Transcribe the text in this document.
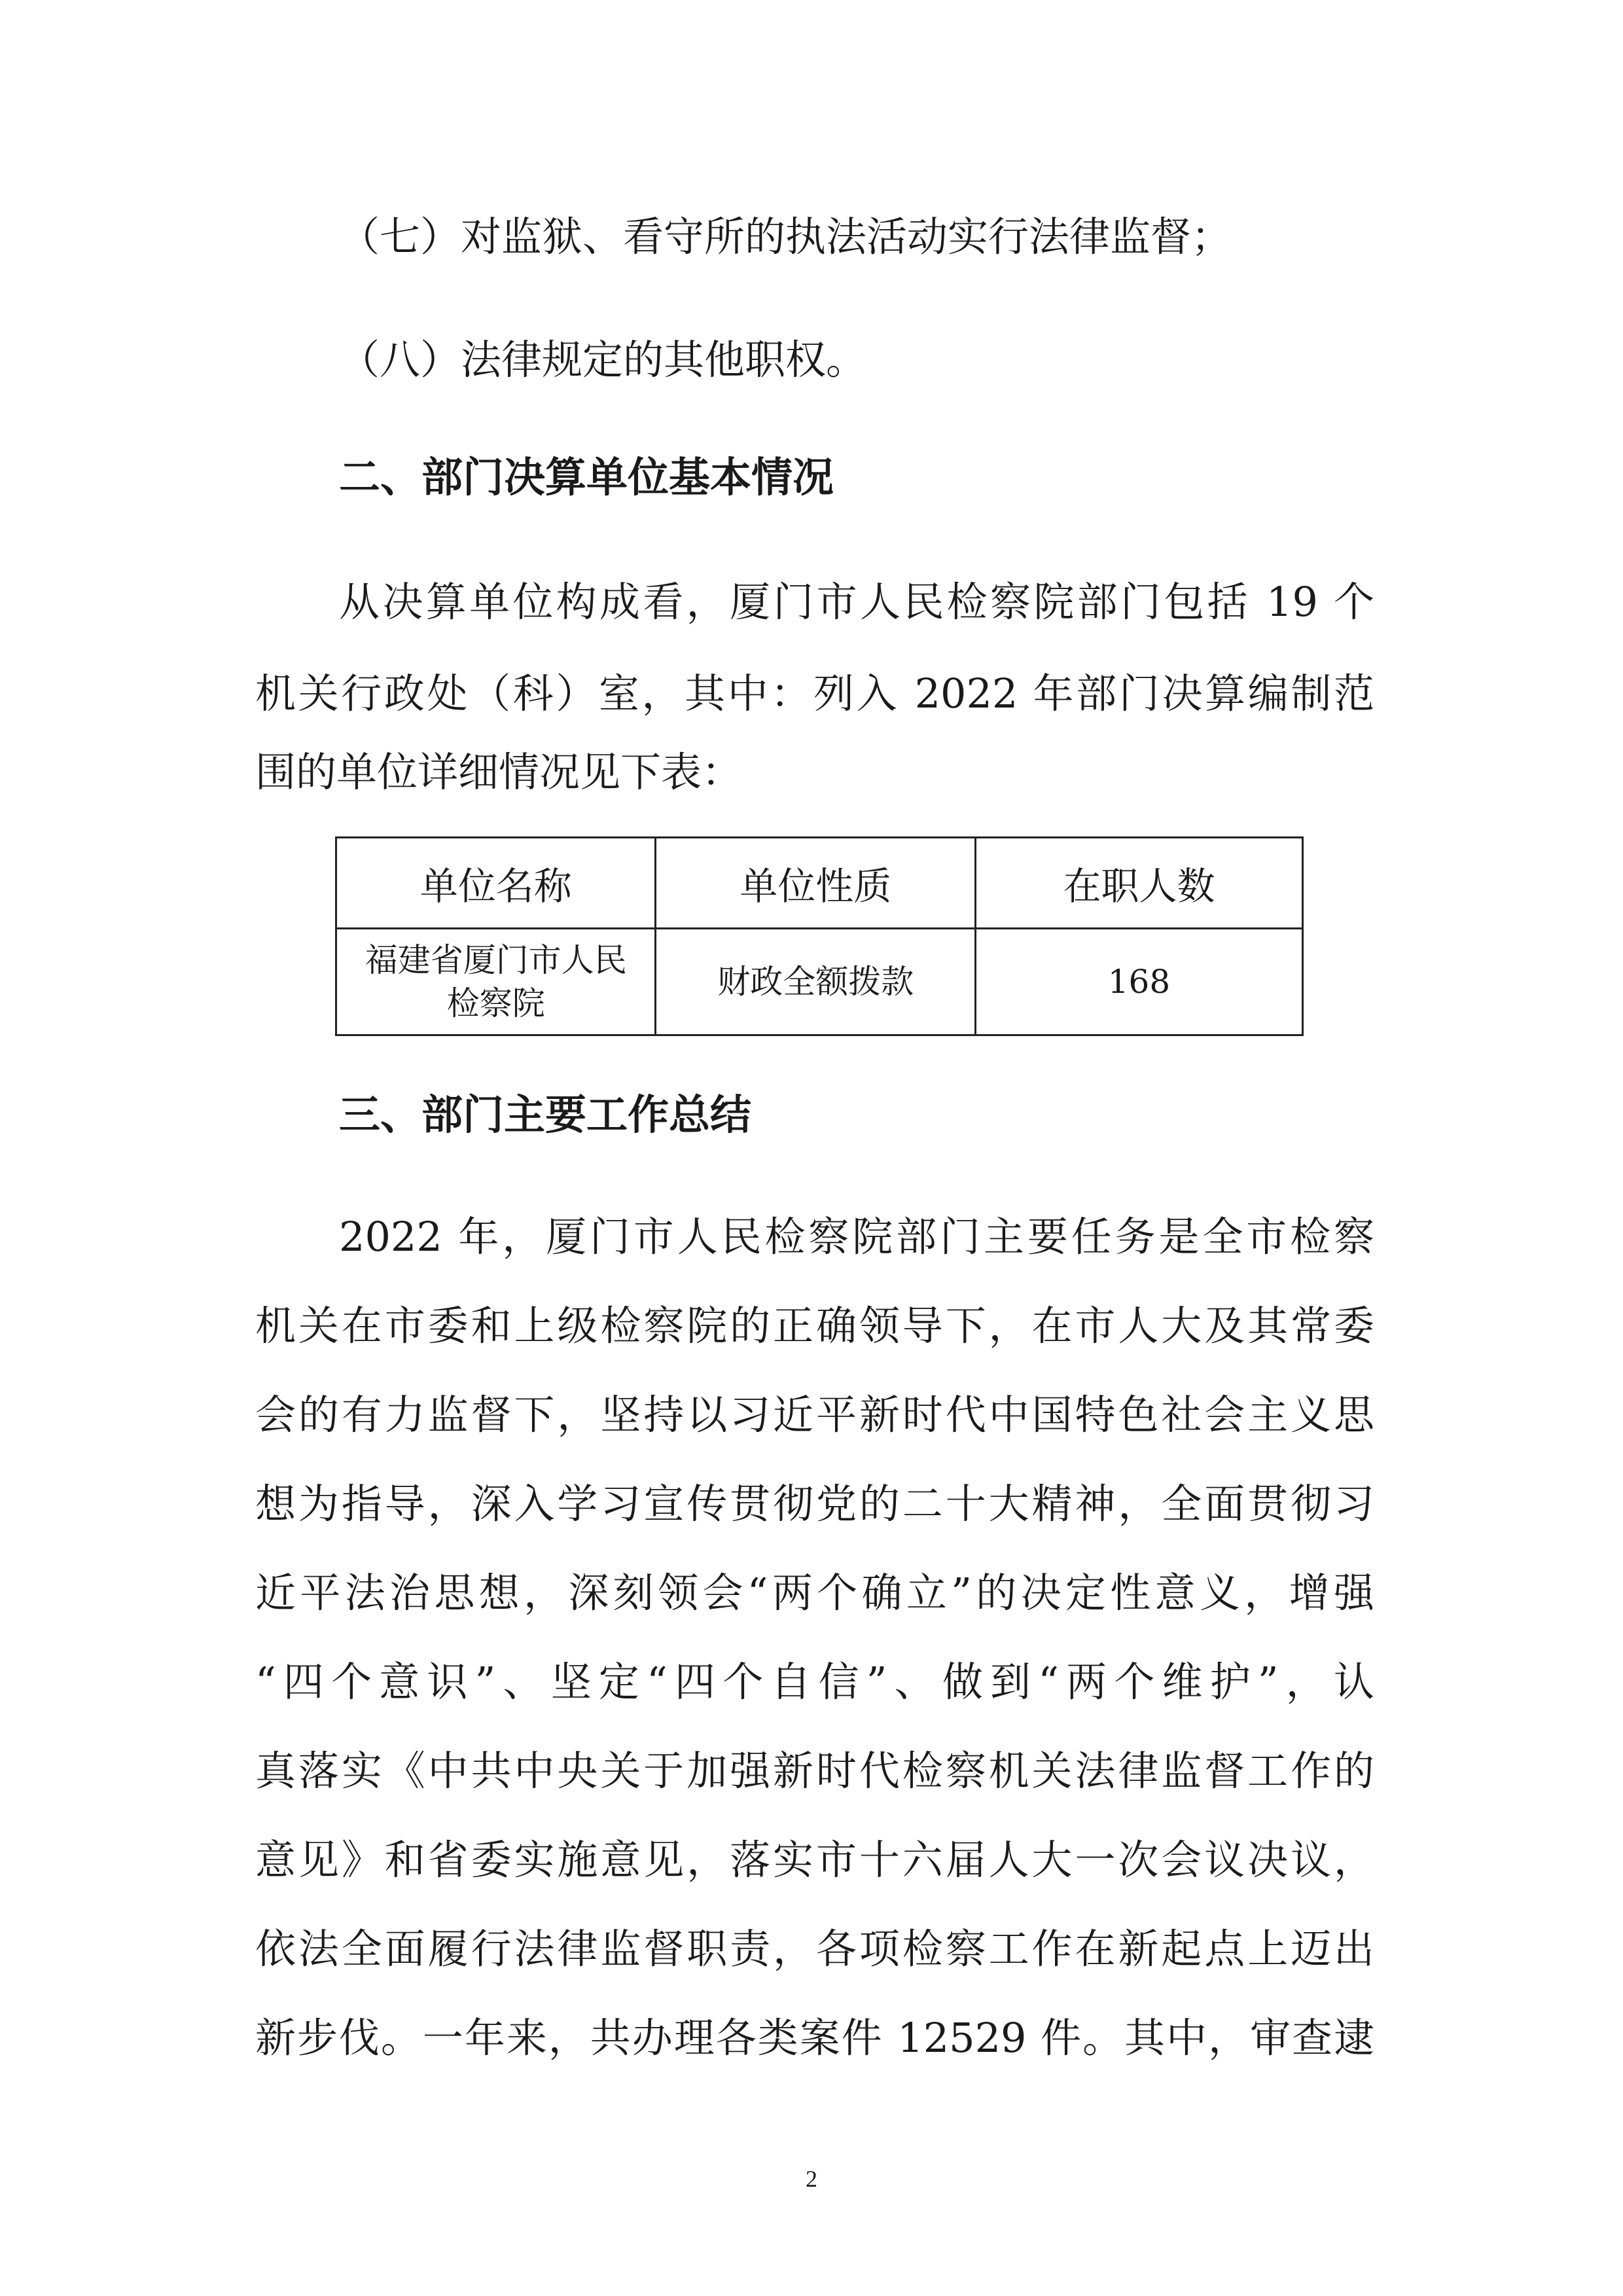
（七）对监狱、看守所的执法活动实行法律监督；
（八）法律规定的其他职权。
二、部门决算单位基本情况
从决算单位构成看，厦门市人民检察院部门包括 19 个
机关行政处（科）室，其中：列入 2022 年部门决算编制范
围的单位详细情况见下表：
单位名称	单位性质	在职人数

福建省厦门市人民
检察院	财政全额拨款	168
三、部门主要工作总结
2022 年，厦门市人民检察院部门主要任务是全市检察
机关在市委和上级检察院的正确领导下，在市人大及其常委
会的有力监督下，坚持以习近平新时代中国特色社会主义思
想为指导，深入学习宣传贯彻党的二十大精神，全面贯彻习
近平法治思想，深刻领会“两个确立”的决定性意义，增强
“四个意识”、坚定“四个自信”、做到“两个维护”，认
真落实《中共中央关于加强新时代检察机关法律监督工作的
意见》和省委实施意见，落实市十六届人大一次会议决议，
依法全面履行法律监督职责，各项检察工作在新起点上迈出
新步伐。一年来，共办理各类案件 12529 件。其中，审查逮
2
